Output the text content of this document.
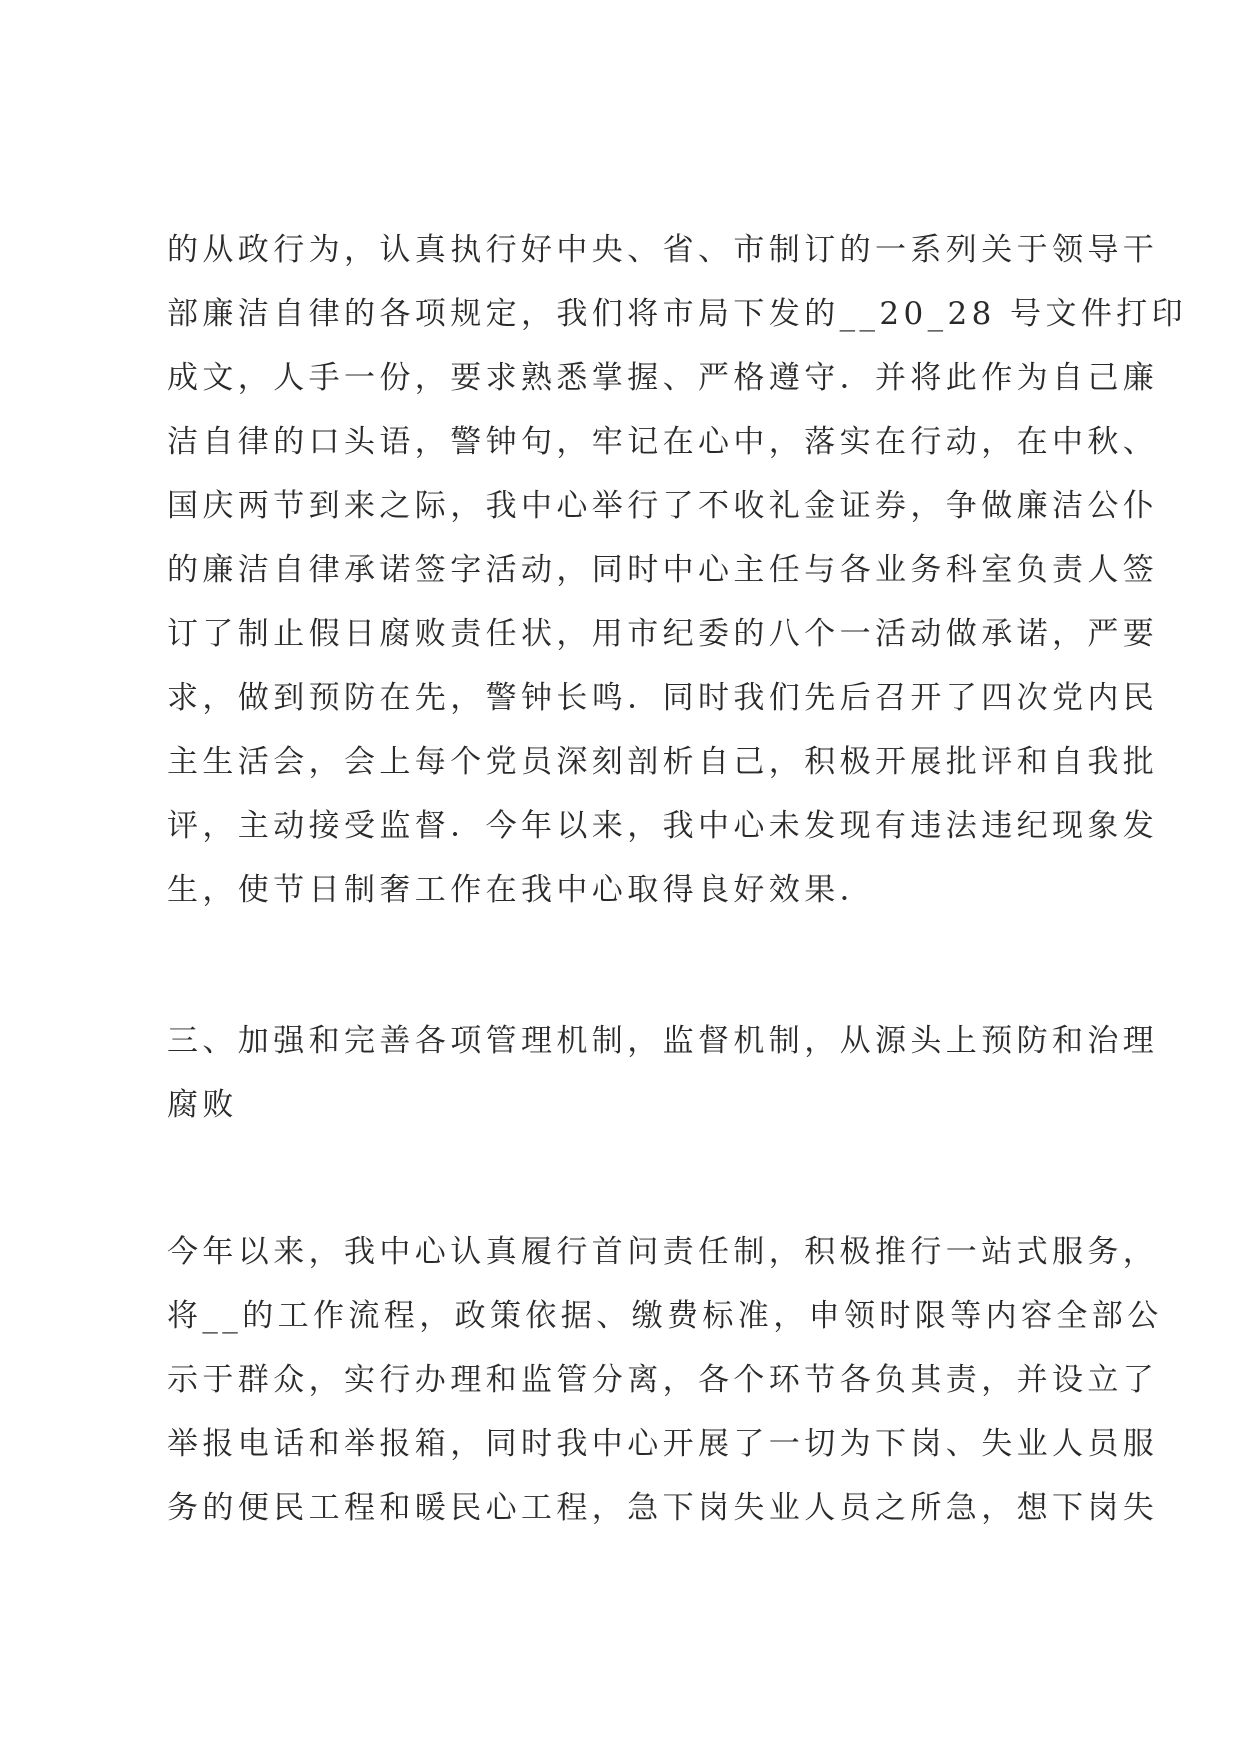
的从政行为，认真执行好中央、省、市制订的一系列关于领导干
部廉洁自律的各项规定，我们将市局下发的__20_28 号文件打印
成文，人手一份，要求熟悉掌握、严格遵守．并将此作为自己廉
洁自律的口头语，警钟句，牢记在心中，落实在行动，在中秋、
国庆两节到来之际，我中心举行了不收礼金证券，争做廉洁公仆
的廉洁自律承诺签字活动，同时中心主任与各业务科室负责人签
订了制止假日腐败责任状，用市纪委的八个一活动做承诺，严要
求，做到预防在先，警钟长鸣．同时我们先后召开了四次党内民
主生活会，会上每个党员深刻剖析自己，积极开展批评和自我批
评，主动接受监督．今年以来，我中心未发现有违法违纪现象发
生，使节日制奢工作在我中心取得良好效果．
三、加强和完善各项管理机制，监督机制，从源头上预防和治理
腐败
今年以来，我中心认真履行首问责任制，积极推行一站式服务，
将__的工作流程，政策依据、缴费标准，申领时限等内容全部公
示于群众，实行办理和监管分离，各个环节各负其责，并设立了
举报电话和举报箱，同时我中心开展了一切为下岗、失业人员服
务的便民工程和暖民心工程，急下岗失业人员之所急，想下岗失
